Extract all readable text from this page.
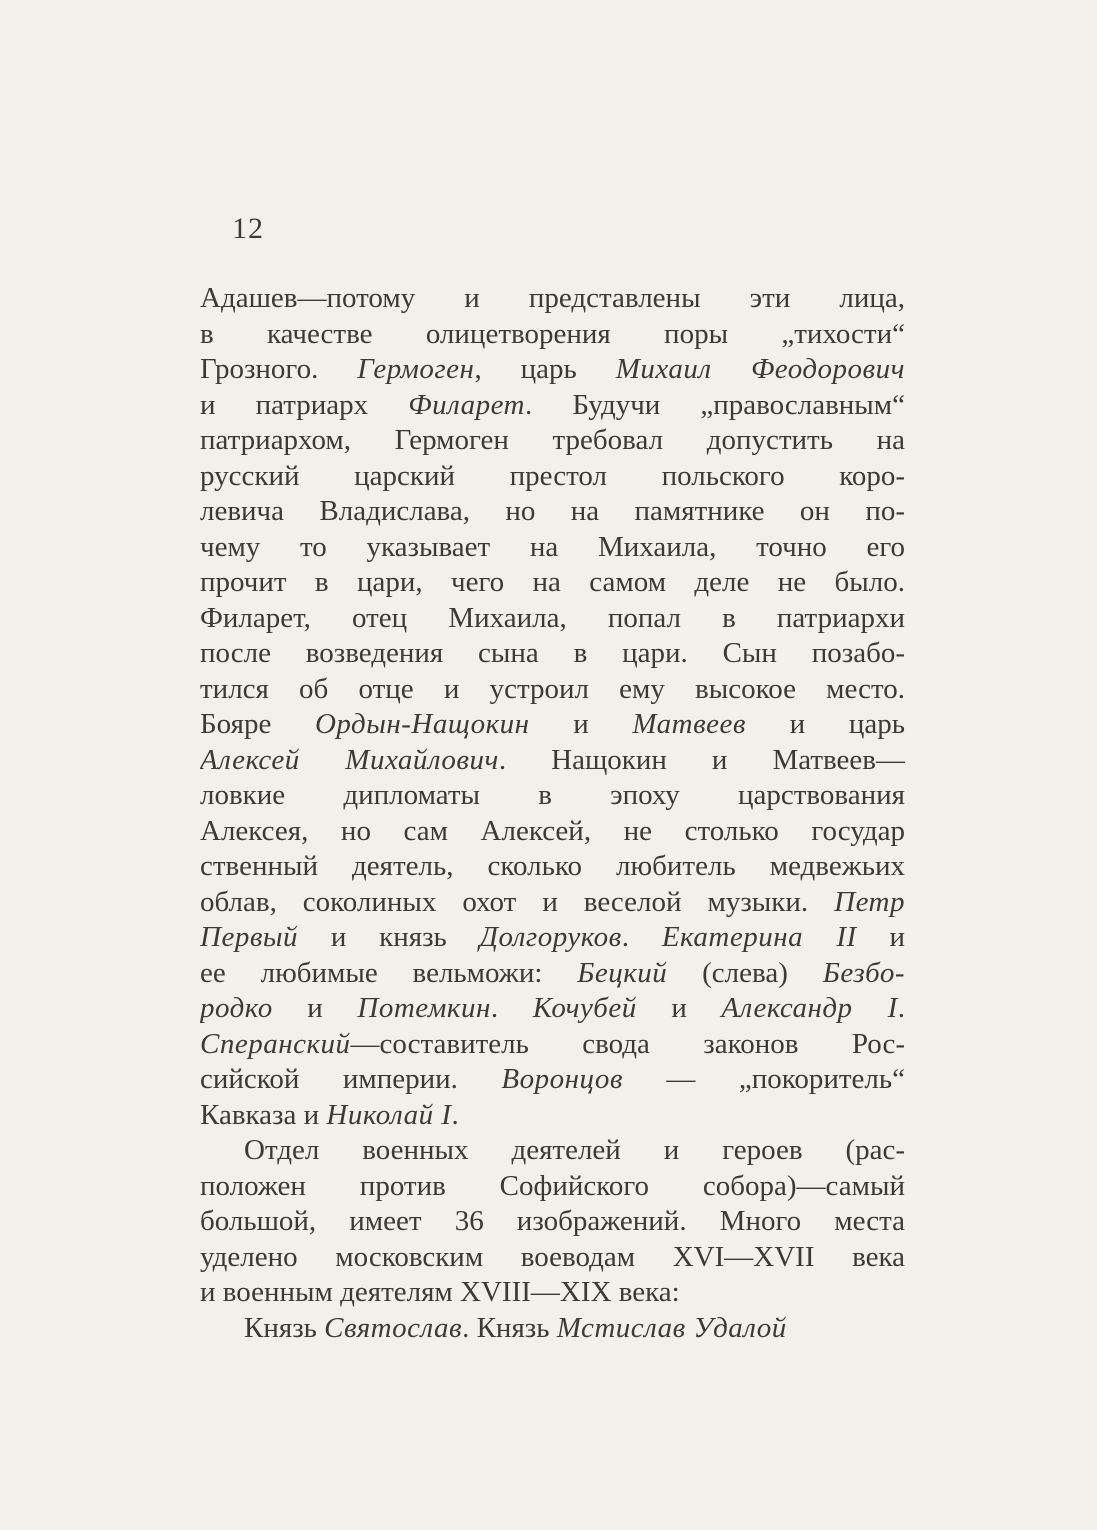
12
Адашев—потому и представлены эти лица,
в качестве олицетворения поры „тихости“
Грозного. Гермоген, царь Михаил Феодорович
и патриарх Филарет. Будучи „православным“
патриархом, Гермоген требовал допустить на
русский царский престол польского коро-
левича Владислава, но на памятнике он по-
чему то указывает на Михаила, точно его
прочит в цари, чего на самом деле не было.
Филарет, отец Михаила, попал в патриархи
после возведения сына в цари. Сын позабо-
тился об отце и устроил ему высокое место.
Бояре Ордын-Нащокин и Матвеев и царь
Алексей Михайлович. Нащокин и Матвеев—
ловкие дипломаты в эпоху царствования
Алексея, но сам Алексей, не столько государ
ственный деятель, сколько любитель медвежьих
облав, соколиных охот и веселой музыки. Петр
Первый и князь Долгоруков. Екатерина II и
ее любимые вельможи: Бецкий (слева) Безбо-
родко и Потемкин. Кочубей и Александр I.
Сперанский—составитель свода законов Рос-
сийской империи. Воронцов — „покоритель“
Кавказа и Николай I.
Отдел военных деятелей и героев (рас-
положен против Софийского собора)—самый
большой, имеет 36 изображений. Много места
уделено московским воеводам XVI—XVII века
и военным деятелям XVIII—XIX века:
Князь Святослав. Князь Мстислав Удалой
